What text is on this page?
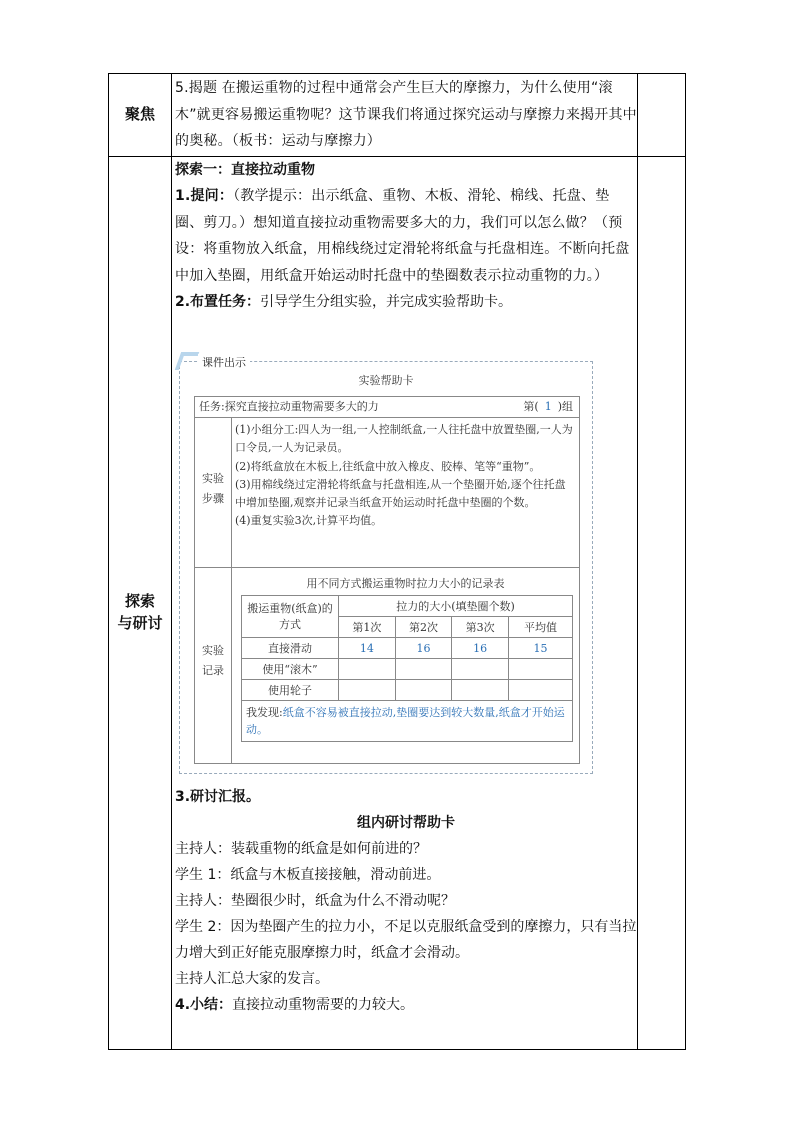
聚焦

5.揭题 在搬运重物的过程中通常会产生巨大的摩擦力，为什么使用“滚木”就更容易搬运重物呢？这节课我们将通过探究运动与摩擦力来揭开其中的奥秘。（板书：运动与摩擦力）

探索
与研讨

探索一：直接拉动重物

1.提问：（教学提示：出示纸盒、重物、木板、滑轮、棉线、托盘、垫圈、剪刀。）想知道直接拉动重物需要多大的力，我们可以怎么做？（预设：将重物放入纸盒，用棉线绕过定滑轮将纸盒与托盘相连。不断向托盘中加入垫圈，用纸盒开始运动时托盘中的垫圈数表示拉动重物的力。）

2.布置任务：引导学生分组实验，并完成实验帮助卡。

课件出示
实验帮助卡
任务:探究直接拉动重物需要多大的力	第( 1 )组
实验
步骤

(1)小组分工:四人为一组,一人控制纸盒,一人往托盘中放置垫圈,一人为口令员,一人为记录员。

(2)将纸盒放在木板上,往纸盒中放入橡皮、胶棒、笔等“重物”。

(3)用棉线绕过定滑轮将纸盒与托盘相连,从一个垫圈开始,逐个往托盘中增加垫圈,观察并记录当纸盒开始运动时托盘中垫圈的个数。

(4)重复实验3次,计算平均值。

实验
记录
用不同方式搬运重物时拉力大小的记录表
搬运重物(纸盒)的方式	拉力的大小(填垫圈个数)			
	第1次	第2次	第3次	平均值
直接滑动	14	16	16	15
使用“滚木”				
使用轮子				
我发现:纸盒不容易被直接拉动,垫圈要达到较大数量,纸盒才开始运动。				

3.研讨汇报。

组内研讨帮助卡

主持人：装载重物的纸盒是如何前进的？

学生 1：纸盒与木板直接接触，滑动前进。

主持人：垫圈很少时，纸盒为什么不滑动呢？

学生 2：因为垫圈产生的拉力小，不足以克服纸盒受到的摩擦力，只有当拉力增大到正好能克服摩擦力时，纸盒才会滑动。

主持人汇总大家的发言。

4.小结：直接拉动重物需要的力较大。
